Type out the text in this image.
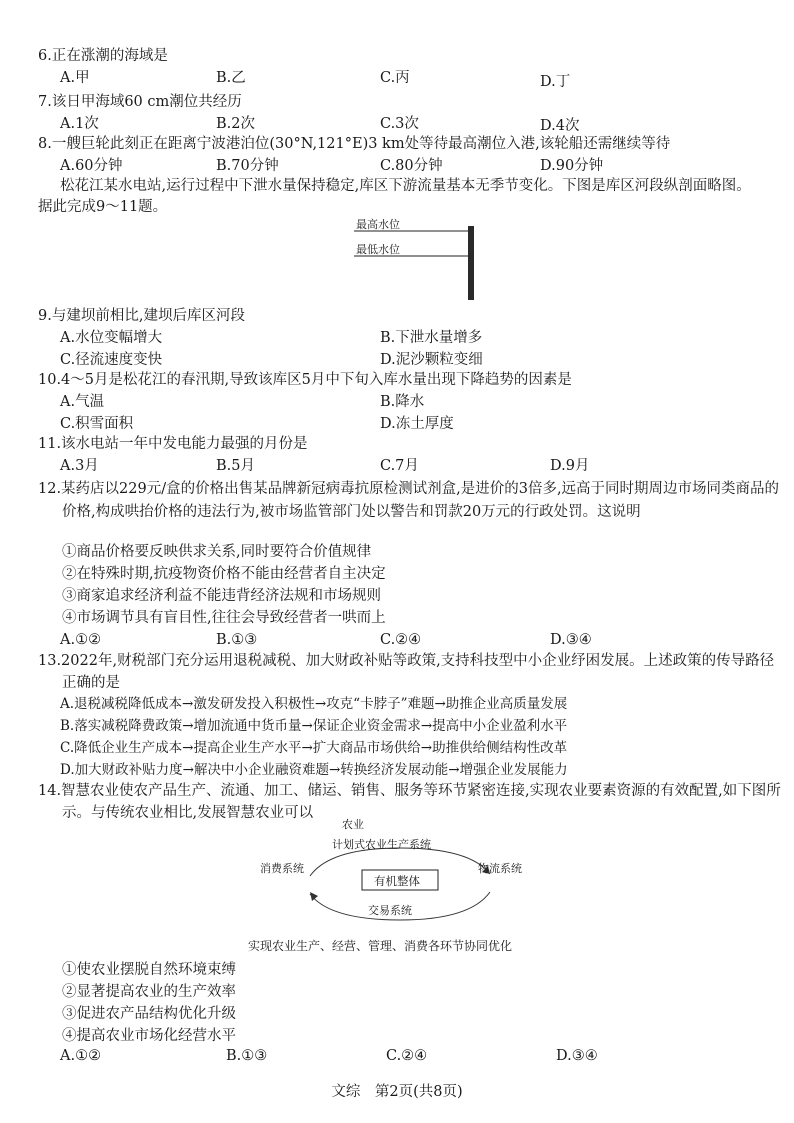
6.正在涨潮的海域是
A.甲	B.乙	C.丙	D.丁
7.该日甲海域60 cm潮位共经历
A.1次	B.2次	C.3次	D.4次
8.一艘巨轮此刻正在距离宁波港泊位(30°N,121°E)3 km处等待最高潮位入港,该轮船还需继续等待
A.60分钟	B.70分钟	C.80分钟	D.90分钟
松花江某水电站,运行过程中下泄水量保持稳定,库区下游流量基本无季节变化。下图是库区河段纵剖面略图。据此完成9～11题。
最高水位
最低水位
9.与建坝前相比,建坝后库区河段
A.水位变幅增大	B.下泄水量增多
C.径流速度变快	D.泥沙颗粒变细
10.4～5月是松花江的春汛期,导致该库区5月中下旬入库水量出现下降趋势的因素是
A.气温	B.降水
C.积雪面积	D.冻土厚度
11.该水电站一年中发电能力最强的月份是
A.3月	B.5月	C.7月	D.9月
12.某药店以229元/盒的价格出售某品牌新冠病毒抗原检测试剂盒,是进价的3倍多,远高于同时期周边市场同类商品的价格,构成哄抬价格的违法行为,被市场监管部门处以警告和罚款20万元的行政处罚。这说明
①商品价格要反映供求关系,同时要符合价值规律
②在特殊时期,抗疫物资价格不能由经营者自主决定
③商家追求经济利益不能违背经济法规和市场规则
④市场调节具有盲目性,往往会导致经营者一哄而上
A.①②	B.①③	C.②④	D.③④
13.2022年,财税部门充分运用退税减税、加大财政补贴等政策,支持科技型中小企业纾困发展。上述政策的传导路径正确的是
A.退税减税降低成本→激发研发投入积极性→攻克“卡脖子”难题→助推企业高质量发展
B.落实减税降费政策→增加流通中货币量→保证企业资金需求→提高中小企业盈利水平
C.降低企业生产成本→提高企业生产水平→扩大商品市场供给→助推供给侧结构性改革
D.加大财政补贴力度→解决中小企业融资难题→转换经济发展动能→增强企业发展能力
14.智慧农业使农产品生产、流通、加工、储运、销售、服务等环节紧密连接,实现农业要素资源的有效配置,如下图所示。与传统农业相比,发展智慧农业可以
农业
计划式农业生产系统
消费系统
有机整体
物流系统
交易系统
实现农业生产、经营、管理、消费各环节协同优化
①使农业摆脱自然环境束缚
②显著提高农业的生产效率
③促进农产品结构优化升级
④提高农业市场化经营水平
A.①②	B.①③	C.②④	D.③④
文综　第2页(共8页)
